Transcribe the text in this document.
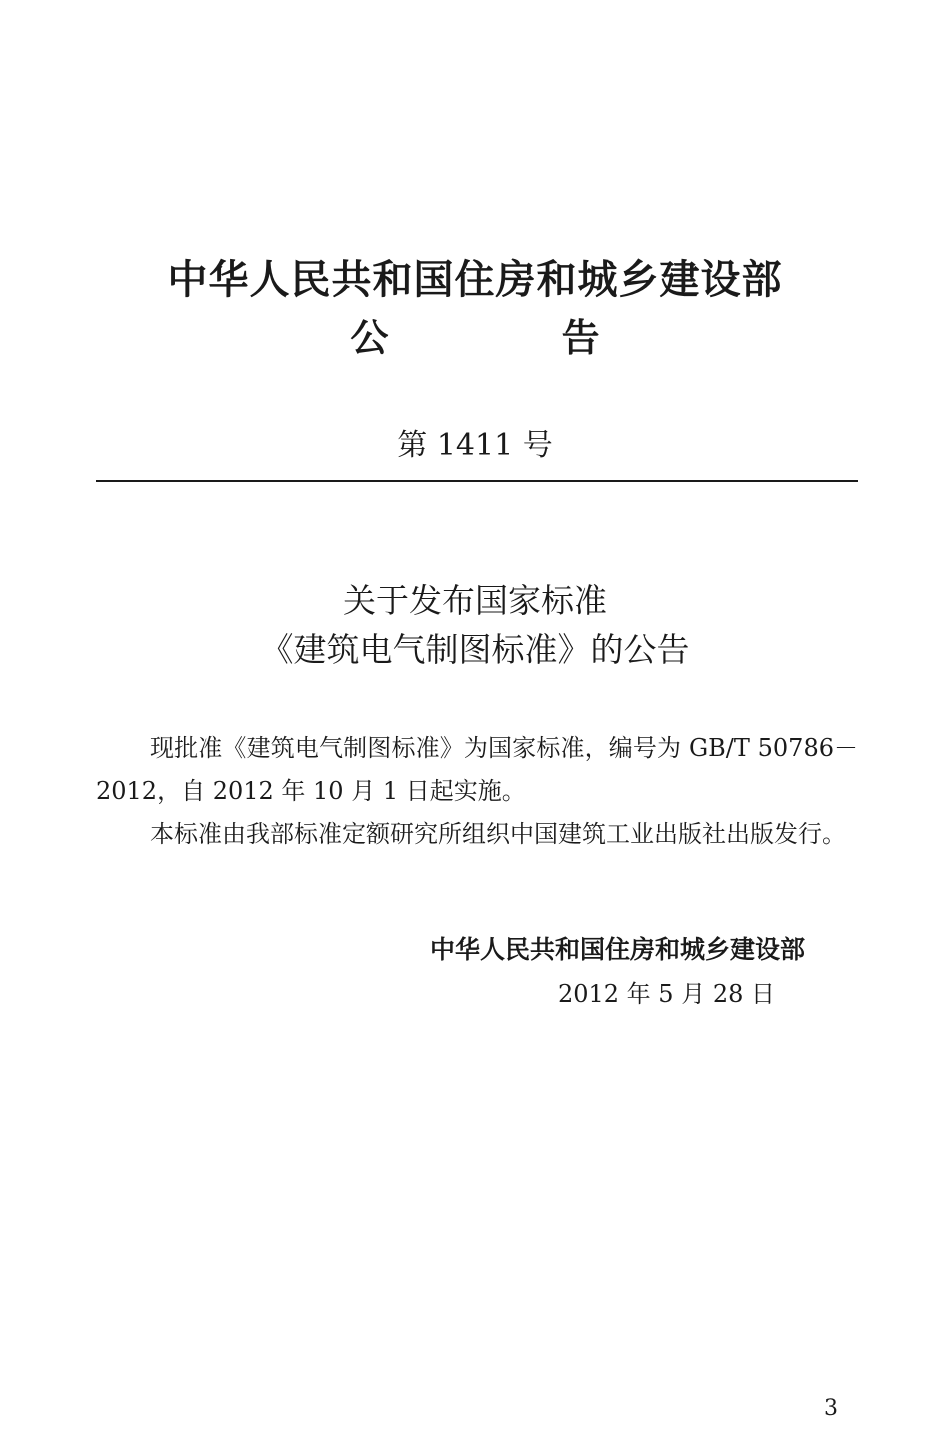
中华人民共和国住房和城乡建设部
公 告
第 1411 号
关于发布国家标准
《建筑电气制图标准》的公告

现批准《建筑电气制图标准》为国家标准，编号为 GB/T 50786－2012，自 2012 年 10 月 1 日起实施。

本标准由我部标准定额研究所组织中国建筑工业出版社出版发行。

中华人民共和国住房和城乡建设部
2012 年 5 月 28 日
3
